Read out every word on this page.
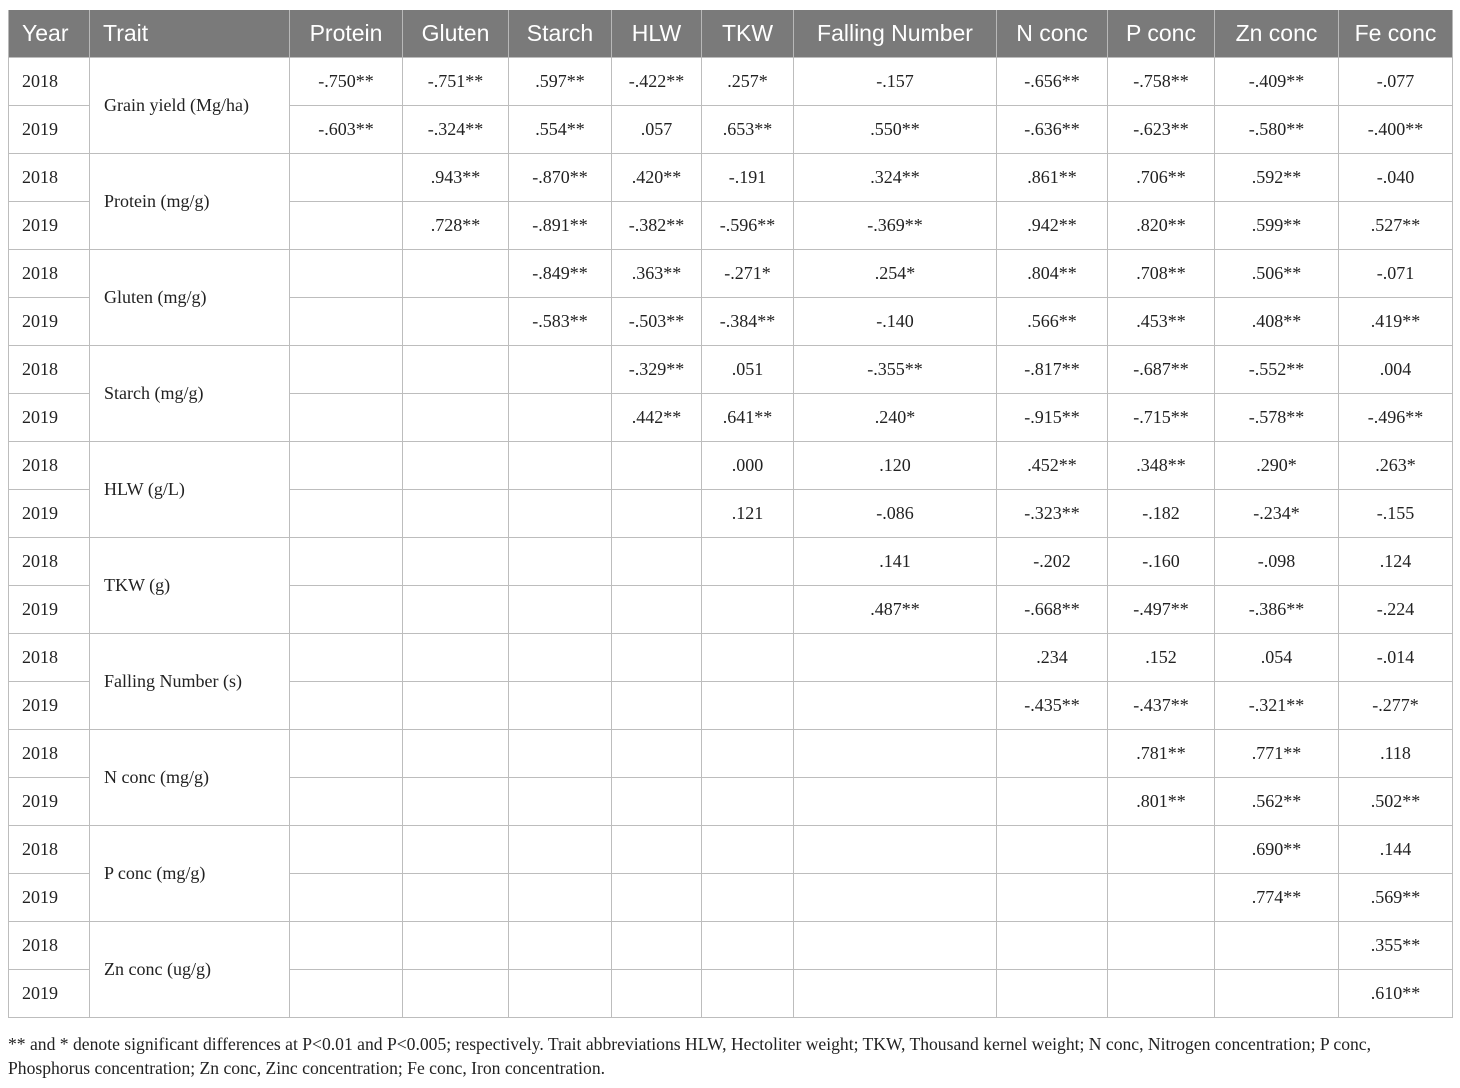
Year	Trait	Protein	Gluten	Starch	HLW	TKW	Falling Number	N conc	P conc	Zn conc	Fe conc
2018	Grain yield (Mg/ha)	-.750**	-.751**	.597**	-.422**	.257*	-.157	-.656**	-.758**	-.409**	-.077
2019		-.603**	-.324**	.554**	.057	.653**	.550**	-.636**	-.623**	-.580**	-.400**
2018	Protein (mg/g)		.943**	-.870**	.420**	-.191	.324**	.861**	.706**	.592**	-.040
2019			.728**	-.891**	-.382**	-.596**	-.369**	.942**	.820**	.599**	.527**
2018	Gluten (mg/g)			-.849**	.363**	-.271*	.254*	.804**	.708**	.506**	-.071
2019				-.583**	-.503**	-.384**	-.140	.566**	.453**	.408**	.419**
2018	Starch (mg/g)				-.329**	.051	-.355**	-.817**	-.687**	-.552**	.004
2019					.442**	.641**	.240*	-.915**	-.715**	-.578**	-.496**
2018	HLW (g/L)					.000	.120	.452**	.348**	.290*	.263*
2019						.121	-.086	-.323**	-.182	-.234*	-.155
2018	TKW (g)						.141	-.202	-.160	-.098	.124
2019							.487**	-.668**	-.497**	-.386**	-.224
2018	Falling Number (s)							.234	.152	.054	-.014
2019								-.435**	-.437**	-.321**	-.277*
2018	N conc (mg/g)								.781**	.771**	.118
2019									.801**	.562**	.502**
2018	P conc (mg/g)									.690**	.144
2019										.774**	.569**
2018	Zn conc (ug/g)										.355**
2019											.610**
** and * denote significant differences at P<0.01 and P<0.005; respectively. Trait abbreviations HLW, Hectoliter weight; TKW, Thousand kernel weight; N conc, Nitrogen concentration; P conc, Phosphorus concentration; Zn conc, Zinc concentration; Fe conc, Iron concentration.
